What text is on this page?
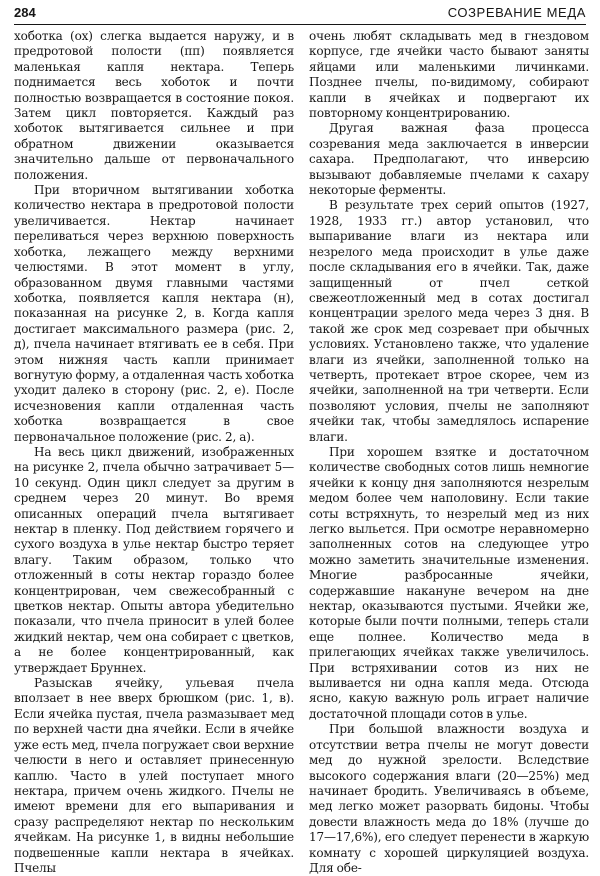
284	СОЗРЕВАНИЕ МЕДА

хоботка (ох) слегка выдается наружу, и в предротовой полости (пп) появляется маленькая капля нектара. Теперь поднимается весь хоботок и почти полностью возвращается в состояние покоя. Затем цикл повторяется. Каждый раз хоботок вытягивается сильнее и при обратном движении оказывается значительно дальше от первоначального положения.

При вторичном вытягивании хоботка количество нектара в предротовой полости увеличивается. Нектар начинает переливаться через верхнюю поверхность хоботка, лежащего между верхними челюстями. В этот момент в углу, образованном двумя главными частями хоботка, появляется капля нектара (н), показанная на рисунке 2, в. Когда капля достигает максимального размера (рис. 2, д), пчела начинает втягивать ее в себя. При этом нижняя часть капли принимает вогнутую форму, а отдаленная часть хоботка уходит далеко в сторону (рис. 2, е). После исчезновения капли отдаленная часть хоботка возвращается в свое первоначальное положение (рис. 2, а).

На весь цикл движений, изображенных на рисунке 2, пчела обычно затрачивает 5—10 секунд. Один цикл следует за другим в среднем через 20 минут. Во время описанных операций пчела вытягивает нектар в пленку. Под действием горячего и сухого воздуха в улье нектар быстро теряет влагу. Таким образом, только что отложенный в соты нектар гораздо более концентрирован, чем свежесобранный с цветков нектар. Опыты автора убедительно показали, что пчела приносит в улей более жидкий нектар, чем она собирает с цветков, а не более концентрированный, как утверждает Бруннех.

Разыскав ячейку, ульевая пчела вползает в нее вверх брюшком (рис. 1, в). Если ячейка пустая, пчела размазывает мед по верхней части дна ячейки. Если в ячейке уже есть мед, пчела погружает свои верхние челюсти в него и оставляет принесенную каплю. Часто в улей поступает много нектара, причем очень жидкого. Пчелы не имеют времени для его выпаривания и сразу распределяют нектар по нескольким ячейкам. На рисунке 1, в видны небольшие подвешенные капли нектара в ячейках. Пчелы

очень любят складывать мед в гнездовом корпусе, где ячейки часто бывают заняты яйцами или маленькими личинками. Позднее пчелы, по-видимому, собирают капли в ячейках и подвергают их повторному концентрированию.

Другая важная фаза процесса созревания меда заключается в инверсии сахара. Предполагают, что инверсию вызывают добавляемые пчелами к сахару некоторые ферменты.

В результате трех серий опытов (1927, 1928, 1933 гг.) автор установил, что выпаривание влаги из нектара или незрелого меда происходит в улье даже после складывания его в ячейки. Так, даже защищенный от пчел сеткой свежеотложенный мед в сотах достигал концентрации зрелого меда через 3 дня. В такой же срок мед созревает при обычных условиях. Установлено также, что удаление влаги из ячейки, заполненной только на четверть, протекает втрое скорее, чем из ячейки, заполненной на три четверти. Если позволяют условия, пчелы не заполняют ячейки так, чтобы замедлялось испарение влаги.

При хорошем взятке и достаточном количестве свободных сотов лишь немногие ячейки к концу дня заполняются незрелым медом более чем наполовину. Если такие соты встряхнуть, то незрелый мед из них легко выльется. При осмотре неравномерно заполненных сотов на следующее утро можно заметить значительные изменения. Многие разбросанные ячейки, содержавшие накануне вечером на дне нектар, оказываются пустыми. Ячейки же, которые были почти полными, теперь стали еще полнее. Количество меда в прилегающих ячейках также увеличилось. При встряхивании сотов из них не выливается ни одна капля меда. Отсюда ясно, какую важную роль играет наличие достаточной площади сотов в улье.

При большой влажности воздуха и отсутствии ветра пчелы не могут довести мед до нужной зрелости. Вследствие высокого содержания влаги (20—25%) мед начинает бродить. Увеличиваясь в объеме, мед легко может разорвать бидоны. Чтобы довести влажность меда до 18% (лучше до 17—17,6%), его следует перенести в жаркую комнату с хорошей циркуляцией воздуха. Для обе-
